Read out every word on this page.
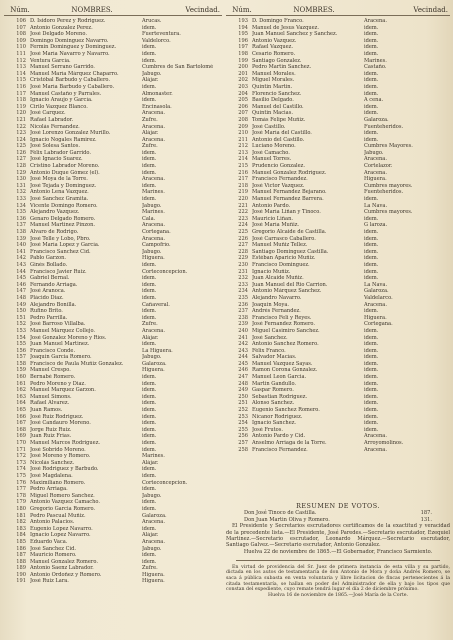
Núm.	NOMBRES.	Vecindad.
106 D. Isidoro Perez y Rodriguez.	Arucas.
107 Antonio Gonzalez Perez.	idem.
108 José Delgado Moreno.	Fuerteventura.
109 Domingo Dominguez Navarro.	Valdelorco.
110 Fermin Dominguez y Dominguez.	idem.
111 José María Navarro y Navarro.	idem.
112 Ventura García.	idem.
113 Manuel Serrano Garrido.	Cumbres de San Bartolomé
114 Manuel María Márquez Chaparro.	Jabugo.
115 Cristóbal Barbudo y Caballero.	Alájar.
116 José María Barbudo y Caballero.	idem.
117 Manuel Castaño y Parrales.	Almonaster.
118 Ignacio Araujo y García.	idem.
119 Cirilo Vazquez Blanco.	Encinasola.
120 José Carquez.	Aracena.
121 Rafael Labrador.	Zufre.
122 Nicolás Fernandez.	Aracena.
123 José Lorenzo Gonzalez Murillo.	Alájar.
124 Ignacio Nogales Ramirez.	Aracena.
125 José Solesa Santos.	Zufre.
126 Félix Labrador Garrido.	idem.
127 José Ignacio Suarez.	idem.
128 Cristino Labrador Moreno.	idem.
129 Antonio Duque Gómez (el).	idem.
130 José Moya de la Torre.	Aracena.
131 José Tejada y Dominguez.	idem.
132 Antonio Lena Vazquez.	Marines.
133 José Sanchez Gramita.	idem.
134 Vicente Domingo Romero.	Jabugo.
135 Alejandro Vazquez.	Marines.
136 Genaro Delgado Romero.	Cala.
137 Manuel Martinez Pinzon.	Aracena.
138 Alvaro de Rodrigo.	Cortegana.
139 José Telle y Lobo, Pbro.	Aracena.
140 José María Lopez y García.	Campofrío.
141 Francisco Sanchez Cid.	Jabugo.
142 Pablo Garzon.	Higuera.
143 Ginés Bollado.	idem.
144 Francisco Javier Ruiz.	Corteconcepcion.
145 Gabriel Bernal.	idem.
146 Fernando Arriaga.	idem.
147 José Aranoca.	idem.
148 Plácido Diaz.	idem.
149 Alejandro Bonilla.	Cañaveral.
150 Rufino Brito.	idem.
151 Pedro Parrilla.	idem.
152 José Barroso Villalba.	Zufre.
153 Manuel Márquez Collejo.	Aracena.
154 José Gonzalez Moreno y Rios.	Alájar.
155 Juan Manuel Martinez.	idem.
156 Francisco Conde.	La Higuera.
157 Joaquin Garcia Romero.	Jabugo.
158 Francisco de Paula Muñiz Gonzalez.	Galaroza.
159 Manuel Crespo.	Higuera.
160 Bernabé Romero.	idem.
161 Pedro Moreno y Diaz.	idem.
162 Manuel Marquez Garzon.	idem.
163 Manuel Simons.	idem.
164 Rafael Alvarez.	idem.
165 Juan Ramos.	idem.
166 José Ruiz Rodriguez.	idem.
167 José Candauro Moreno.	idem.
168 Jorge Ruiz Ruiz.	idem.
169 Juan Ruiz Frias.	idem.
170 Manuel Marcos Rodriguez.	idem.
171 José Sobrido Moreno.	idem.
172 José Moreno y Romero.	Marines.
173 Nicolás Sanchez.	Alájar.
174 José Rodriguez y Barbudo.	idem.
175 José Magdalena.	idem.
176 Maximiliano Romero.	Corteconcepcion.
177 Pedro Arriaga.	idem.
178 Miguel Romero Sanchez.	Jabugo.
179 Antonio Vazquez Camacho.	idem.
180 Gregorio Garcia Romero.	idem.
181 Pedro Pascual Muñiz.	Galaroza.
182 Antonio Palacios.	Aracena.
183 Eugenio Lopez Navarro.	idem.
184 Ignacio Lopez Navarro.	Alájar.
185 Eduardo Vaca.	Aracena.
186 José Sanchez Cid.	Jabugo.
187 Mauricio Romero.	idem.
188 Manuel Gonzalez Romero.	idem.
189 Antonio Saenz Labrador.	Zufre.
190 Antonio Ordoñez y Romero.	Higuera.
191 José Ruiz Lara.	Higuera.
Núm.	NOMBRES.	Vecindad.
193 D. Domingo Franco.	Aracena.
194 Manuel de Jesus Vazquez.	idem.
195 Juan Manuel Sanchez y Sanchez.	idem.
196 Antonio Vazquez.	idem.
197 Rafael Vazquez.	idem.
198 Cesario Romero.	idem.
199 Santiago Gonzalez.	Marines.
200 Pedro Martin Sanchez.	Castaño.
201 Manuel Morales.	idem.
202 Miguel Morales.	idem.
203 Quintin Martin.	idem.
204 Florencio Sanchez.	idem.
205 Basilio Delgado.	A cena.
206 Manuel del Castillo.	idem.
207 Quintin Macias.	idem.
208 Tomás Felipe Muñiz.	Galaroza.
209 José Castillo.	Fuenteheridos.
210 José María del Castillo.	idem.
211 Antonio del Castillo.	idem.
212 Luciano Moreno.	Cumbres Mayores.
213 José Camacho.	Jabugo.
214 Manuel Torres.	Aracena.
215 Prudencio Gonzalez.	Cortelazor.
216 Manuel Gonzalez Rodriguez.	Aracena.
217 Francisco Fernandez.	Higuera.
218 José Victor Vazquez.	Cumbres mayores.
219 Manuel Fernandez Bejarano.	Fuenteheridos.
220 Manuel Fernandez Barrera.	idem.
221 Antonio Pardo.	La Nava.
222 José María Liñan y Tinoco.	Cumbres mayores.
223 Mauricio Liñan.	idem.
224 José María Muñiz.	G laroza.
225 Gregorio Alcaide de Castilla.	idem.
226 José Carrasco Caballero.	idem.
227 Manuel Muñiz Tellez.	idem.
228 Santiago Dominguez Castilla.	idem.
229 Estéban Aparicio Muñiz.	idem.
230 Francisco Dominguez.	idem.
231 Ignacio Muñiz.	idem.
232 Juan Alcaide Muñiz.	idem.
233 Juan Manuel del Rio Carrion.	La Nava.
234 Antonio Márquez Sanchez.	Galaroza.
235 Alejandro Navarro.	Valdelarco.
236 Joaquin Moya.	Aracena.
237 Andrés Fernandez.	idem.
238 Francisco Feli y Reyes.	Higuera.
239 José Fernandez Romero.	Cortegana.
240 Miguel Casimiro Sanchez.	idem.
241 José Sanchez.	idem.
242 Antonio Sanchez Romero.	idem.
243 Félix Franco.	idem.
244 Salvador Macías.	idem.
245 Manuel Vazquez Sayas.	idem.
246 Ramon Corona Gonzalez.	idem.
247 Manuel Leon Garcia.	idem.
248 Martin Gandullo.	idem.
249 Gaspar Romero.	idem.
250 Sebastian Rodriguez.	idem.
251 Alonso Sanchez.	idem.
252 Eugenio Sanchez Romero.	idem.
253 Nicanor Rodriguez.	idem.
254 Ignacio Sanchez.	idem.
255 José Frutos.	idem.
256 Antonio Pardo y Cid.	Aracena.
257 Anselmo Arriaga de la Torre.	Arroyomolinos.
258 Francisco Fernandez.	Aracena.
RESUMEN DE VOTOS.
Don José Tinoco de Castilla.	187.
Don Juan Martin Oliva y Romero.	131.

El Presidente y Secretarios escrutadores certificamos de la exactitud y veracidad de la precedente lista.—El Presidente, José Paredes.—Secretario escrutador, Ezequiel Martinez.—Secretario escrutador, Leonardo Márquez.—Secretario escrutador, Santiago Galvez.—Secretario escrutador, Antonio González.

Huelva 22 de noviembre de 1865.—El Gobernador, Francisco Sarmiento.

En virtud de providencia del Sr. Juez de primera instancia de esta villa y su partido, dictada en los autos de testamentaría de don Antonio de Mora y doña Andrés Romero, se saca á pública subasta en venta voluntaria y libre licitacion de fincas pertenecientes á la citada testamentaría, se hallan en poder del Administrador de ella y bajo los tipos que constan del expediente, cuyo remate tendrá lugar el día 2 de diciembre próximo.

Huelva 16 de noviembre de 1865.—José María de la Corte.
